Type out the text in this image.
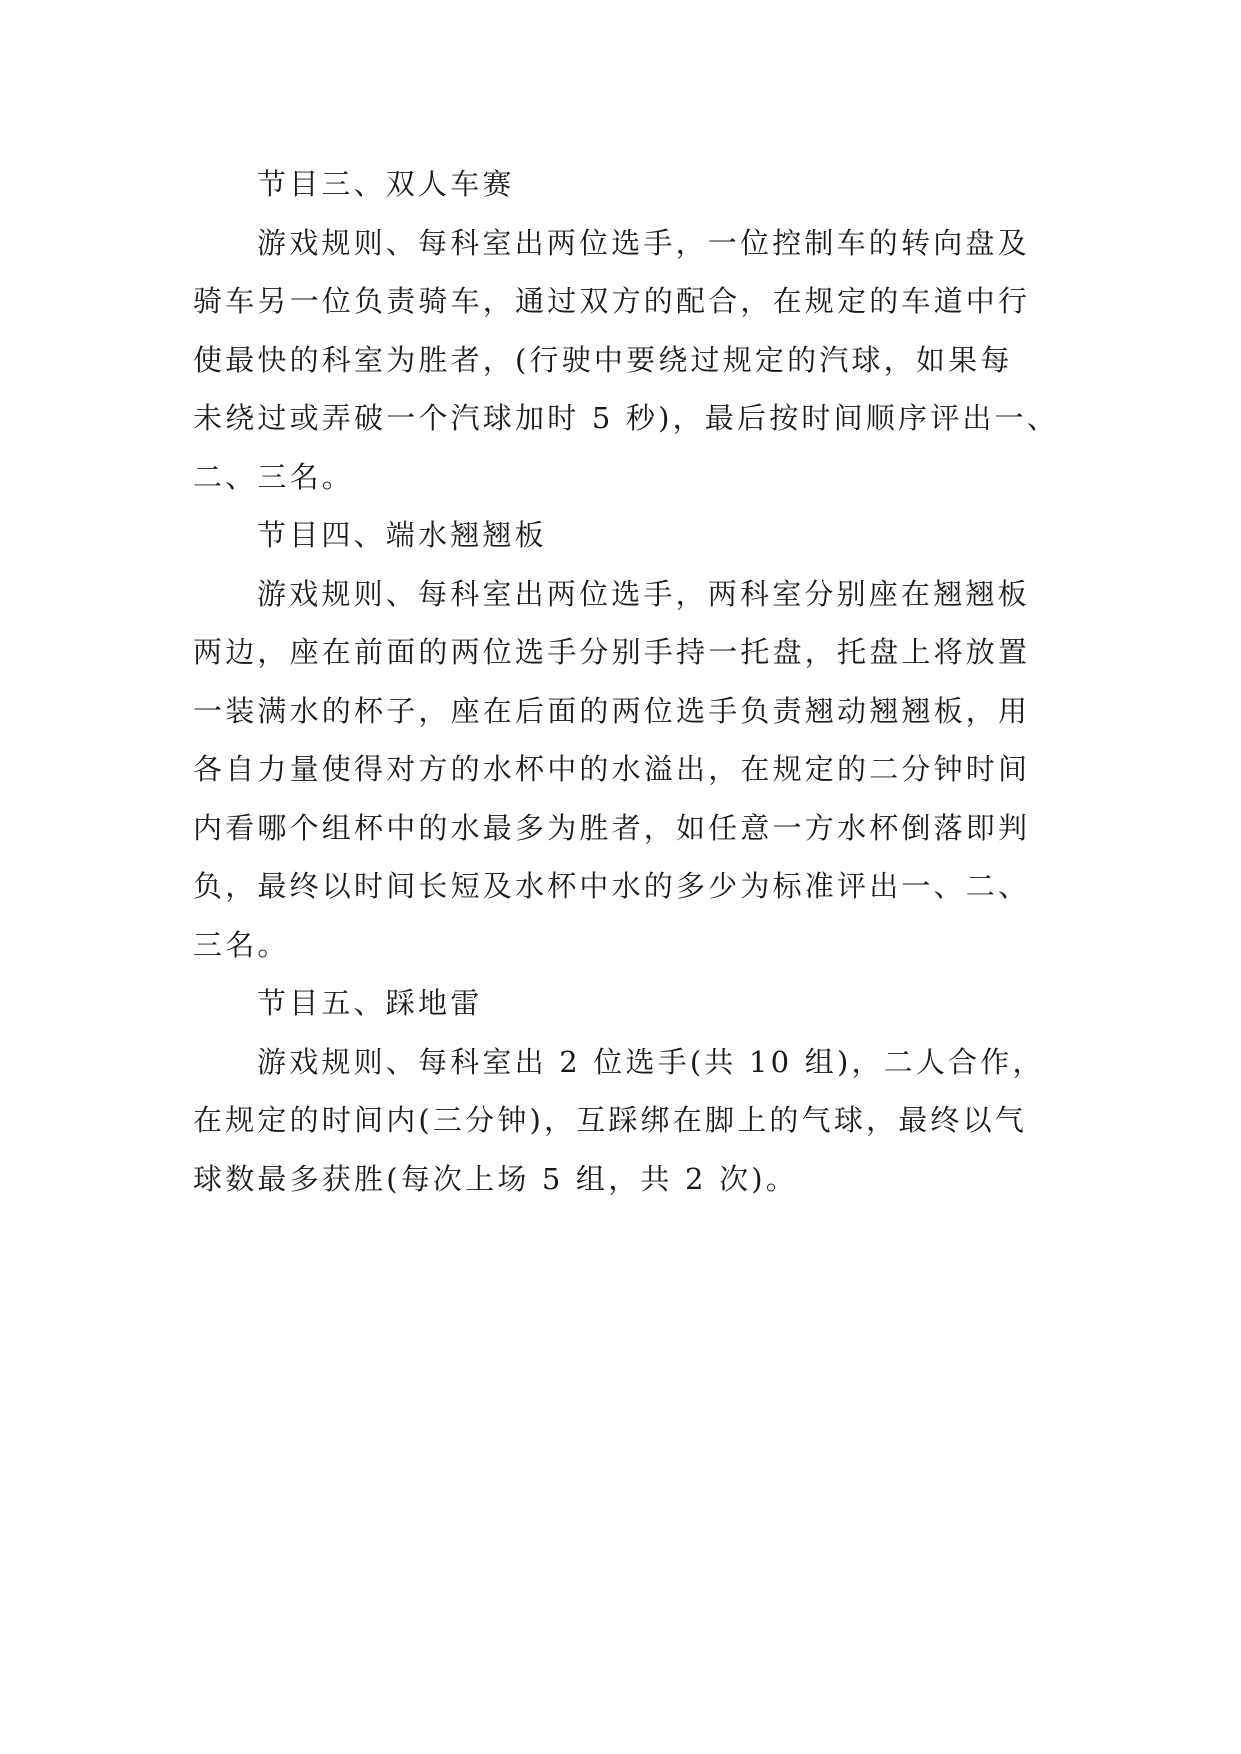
节目三、双人车赛
游戏规则、每科室出两位选手，一位控制车的转向盘及
骑车另一位负责骑车，通过双方的配合，在规定的车道中行
使最快的科室为胜者，(行驶中要绕过规定的汽球，如果每
未绕过或弄破一个汽球加时 5 秒)，最后按时间顺序评出一、
二、三名。
节目四、端水翘翘板
游戏规则、每科室出两位选手，两科室分别座在翘翘板
两边，座在前面的两位选手分别手持一托盘，托盘上将放置
一装满水的杯子，座在后面的两位选手负责翘动翘翘板，用
各自力量使得对方的水杯中的水溢出，在规定的二分钟时间
内看哪个组杯中的水最多为胜者，如任意一方水杯倒落即判
负，最终以时间长短及水杯中水的多少为标准评出一、二、
三名。
节目五、踩地雷
游戏规则、每科室出 2 位选手(共 10 组)，二人合作，
在规定的时间内(三分钟)，互踩绑在脚上的气球，最终以气
球数最多获胜(每次上场 5 组，共 2 次)。
